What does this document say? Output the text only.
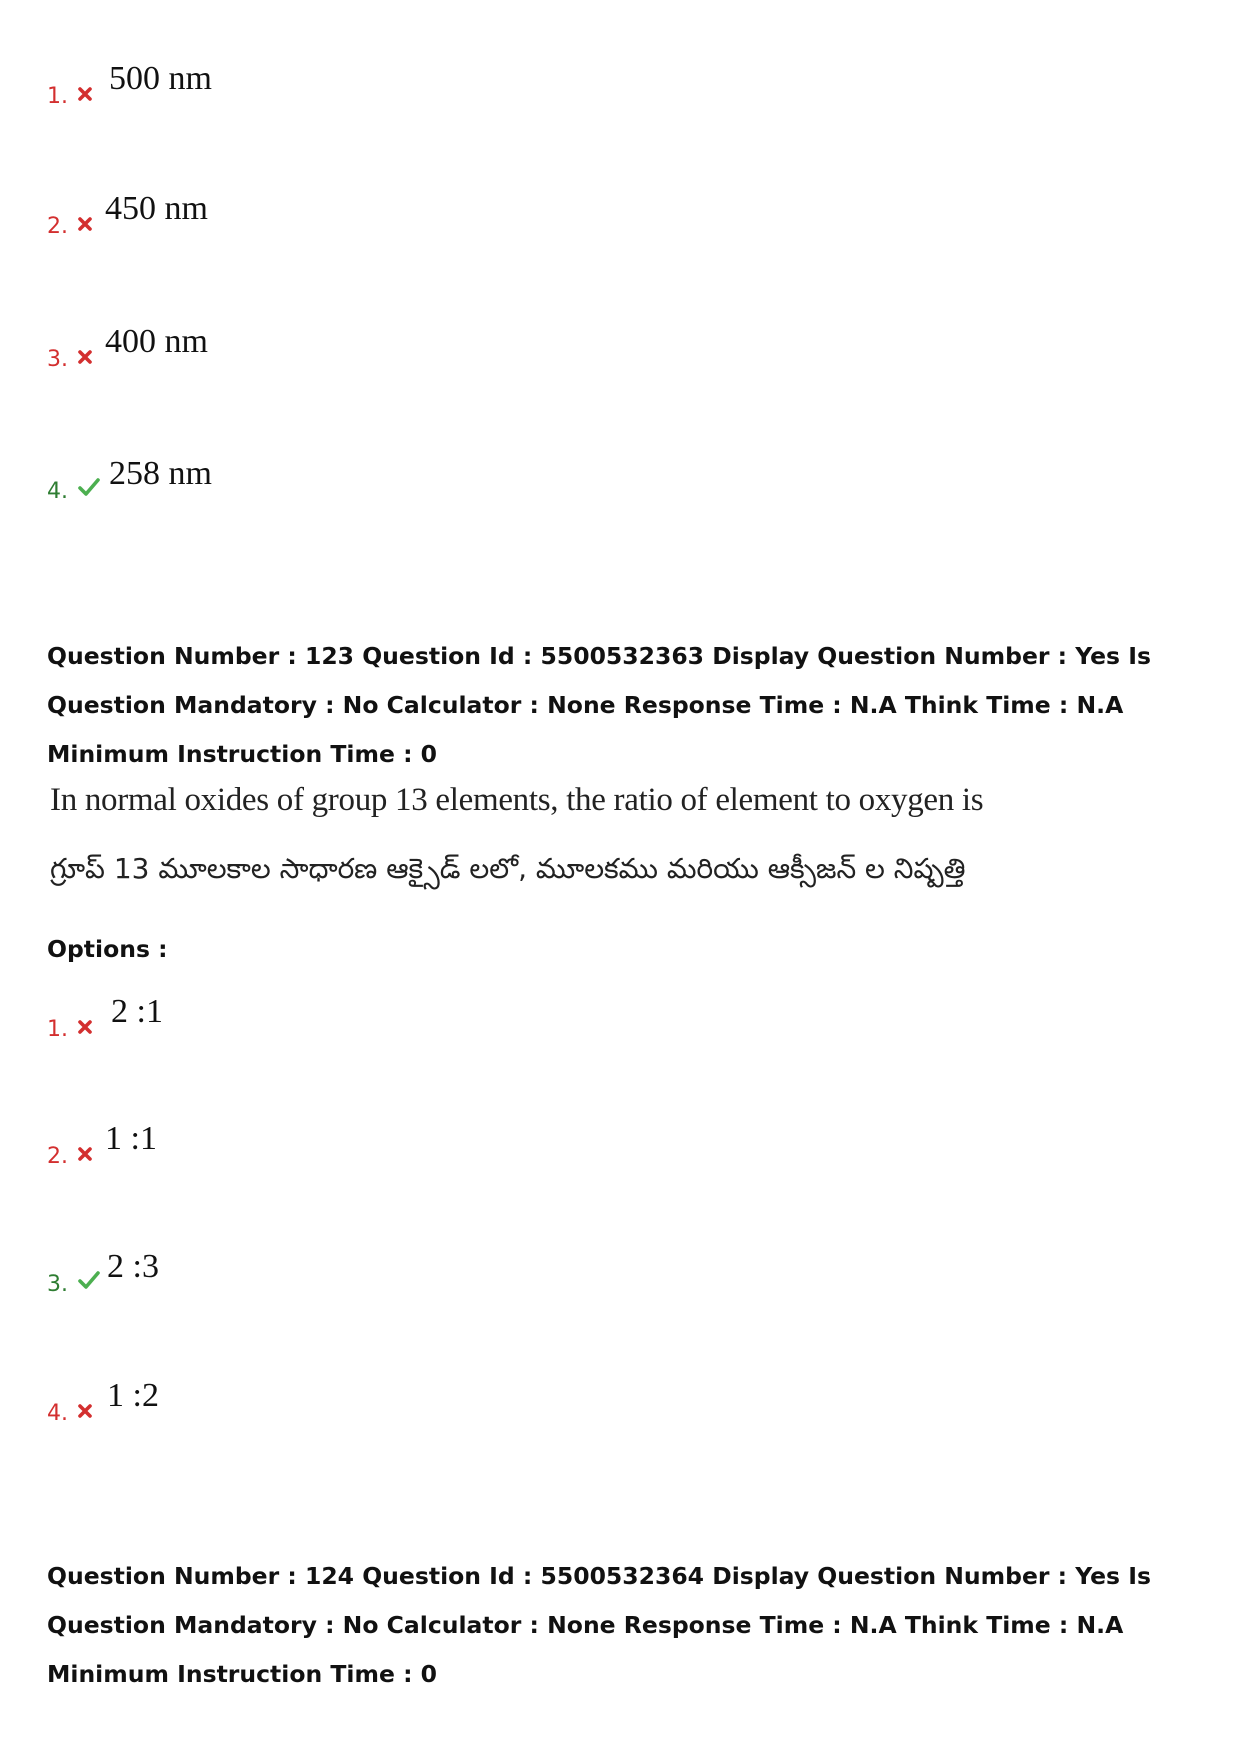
1. 500 nm
2. 450 nm
3. 400 nm
4. 258 nm
Question Number : 123 Question Id : 5500532363 Display Question Number : Yes Is Question Mandatory : No Calculator : None Response Time : N.A Think Time : N.A Minimum Instruction Time : 0
In normal oxides of group 13 elements, the ratio of element to oxygen is
గ్రూప్ 13 మూలకాల సాధారణ ఆక్సైడ్ లలో, మూలకము మరియు ఆక్సీజన్ ల నిష్పత్తి
Options :
1. 2 :1
2. 1 :1
3. 2 :3
4. 1 :2
Question Number : 124 Question Id : 5500532364 Display Question Number : Yes Is Question Mandatory : No Calculator : None Response Time : N.A Think Time : N.A Minimum Instruction Time : 0
